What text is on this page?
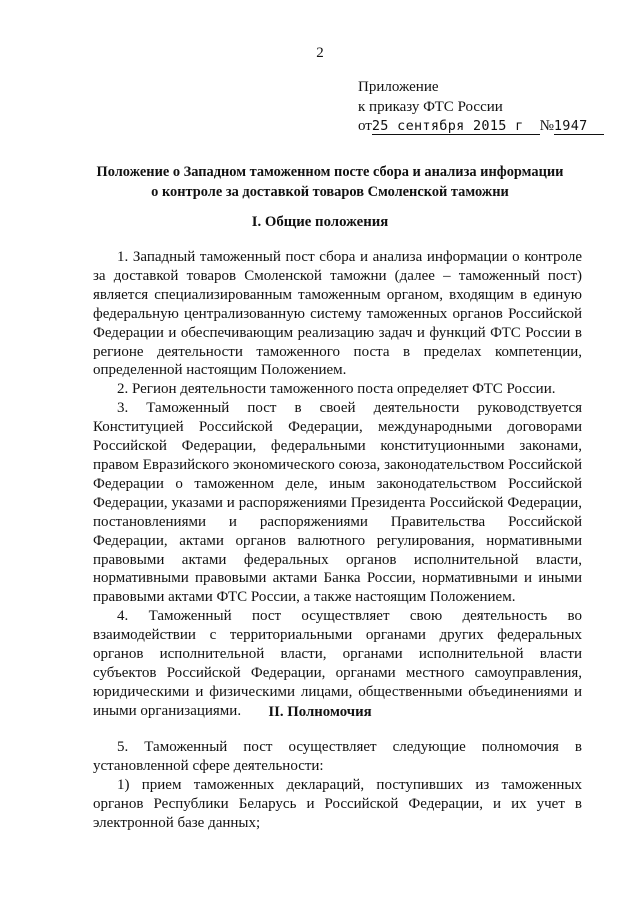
2
Приложение
к приказу ФТС России
от25 сентября 2015 г №1947
Положение о Западном таможенном посте сбора и анализа информации
о контроле за доставкой товаров Смоленской таможни
I. Общие положения

1. Западный таможенный пост сбора и анализа информации о контроле за доставкой товаров Смоленской таможни (далее – таможенный пост) является специализированным таможенным органом, входящим в единую федеральную централизованную систему таможенных органов Российской Федерации и обеспечивающим реализацию задач и функций ФТС России в регионе деятельности таможенного поста в пределах компетенции, определенной настоящим Положением.

2. Регион деятельности таможенного поста определяет ФТС России.

3. Таможенный пост в своей деятельности руководствуется Конституцией Российской Федерации, международными договорами Российской Федерации, федеральными конституционными законами, правом Евразийского экономического союза, законодательством Российской Федерации о таможенном деле, иным законодательством Российской Федерации, указами и распоряжениями Президента Российской Федерации, постановлениями и распоряжениями Правительства Российской Федерации, актами органов валютного регулирования, нормативными правовыми актами федеральных органов исполнительной власти, нормативными правовыми актами Банка России, нормативными и иными правовыми актами ФТС России, а также настоящим Положением.

4. Таможенный пост осуществляет свою деятельность во взаимодействии с территориальными органами других федеральных органов исполнительной власти, органами исполнительной власти субъектов Российской Федерации, органами местного самоуправления, юридическими и физическими лицами, общественными объединениями и иными организациями.	II. Полномочия

5. Таможенный пост осуществляет следующие полномочия в установленной сфере деятельности:

1) прием таможенных деклараций, поступивших из таможенных органов Республики Беларусь и Российской Федерации, и их учет в электронной базе данных;
